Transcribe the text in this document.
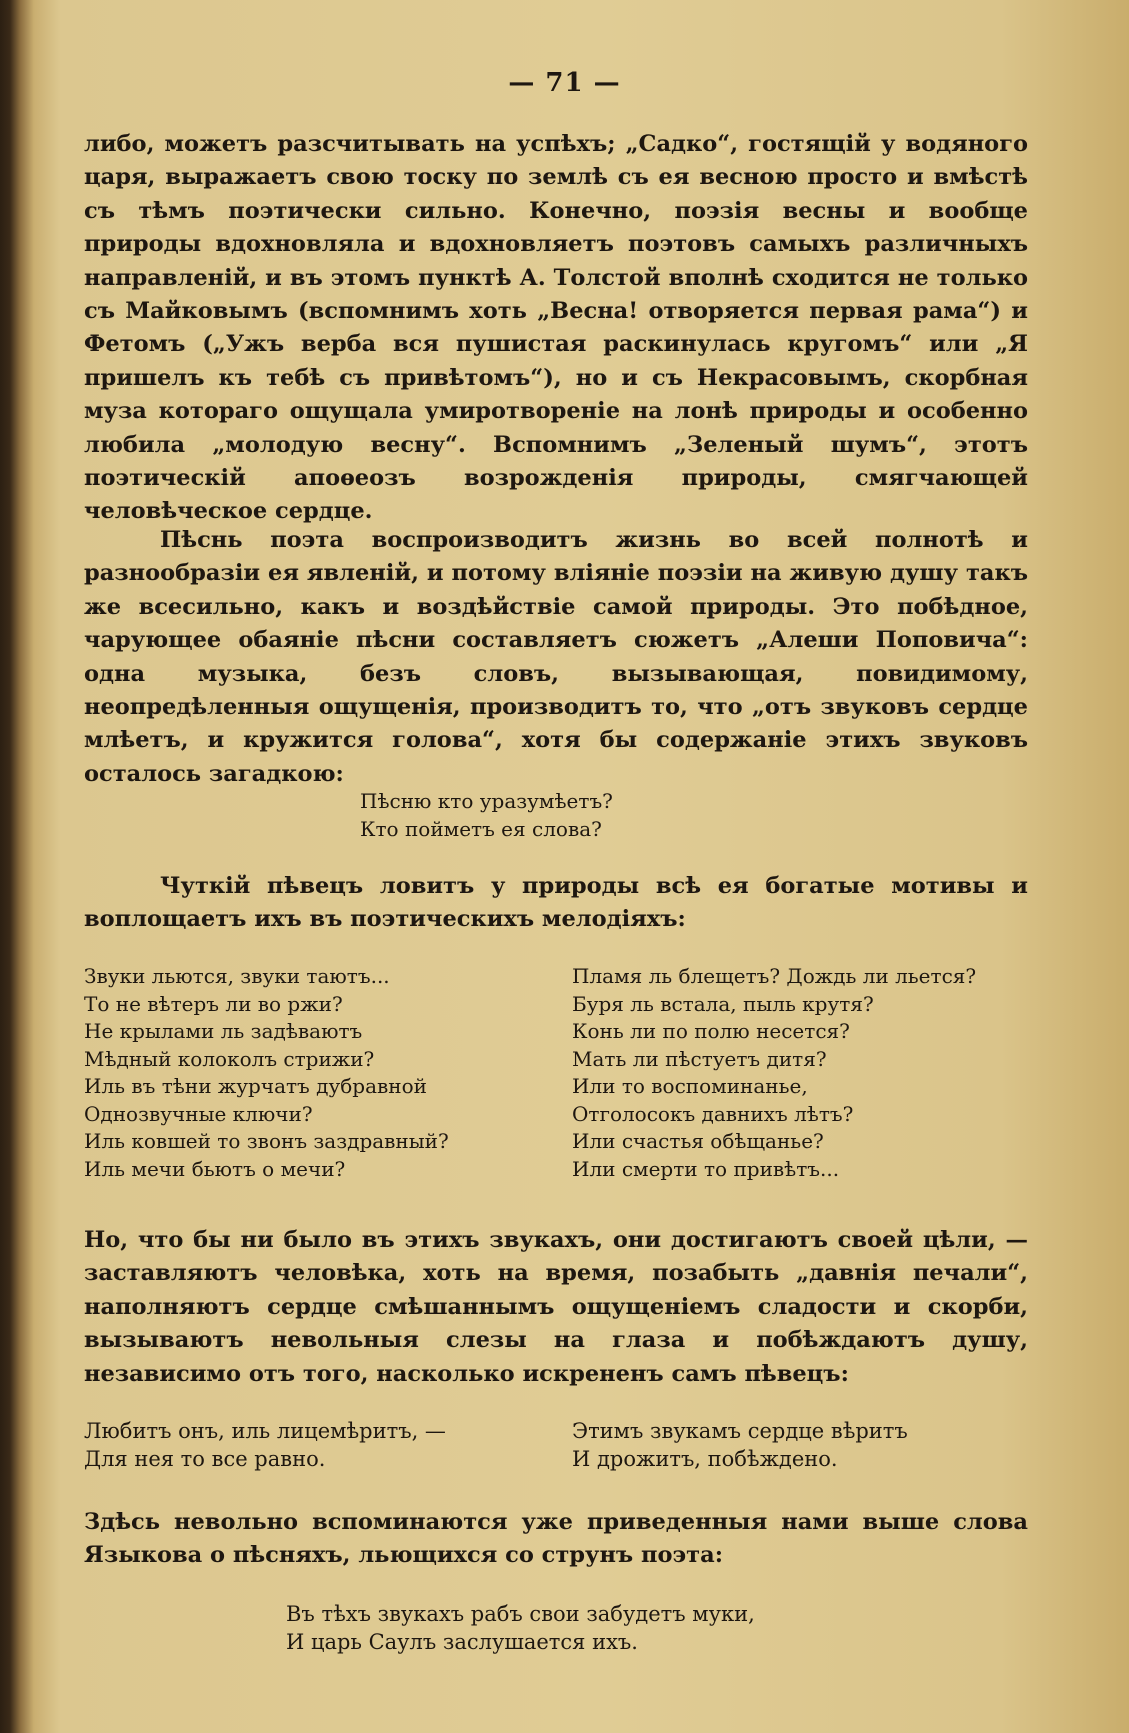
— 71 —

либо, можетъ разсчитывать на успѣхъ; „Садко“, гостящій у водяного царя, выражаетъ свою тоску по землѣ съ ея весною просто и вмѣстѣ съ тѣмъ поэтически сильно. Конечно, поэзія весны и вообще природы вдохновляла и вдохновляетъ поэтовъ самыхъ различныхъ направленій, и въ этомъ пунктѣ А. Толстой вполнѣ сходится не только съ Майковымъ (вспомнимъ хоть „Весна! отворяется первая рама“) и Фетомъ („Ужъ верба вся пушистая раскинулась кругомъ“ или „Я пришелъ къ тебѣ съ привѣтомъ“), но и съ Некрасовымъ, скорбная муза котораго ощущала умиротвореніе на лонѣ природы и особенно любила „молодую весну“. Вспомнимъ „Зеленый шумъ“, этотъ поэтическій апоѳеозъ возрожденія природы, смягчающей человѣческое сердце.

Пѣснь поэта воспроизводитъ жизнь во всей полнотѣ и разнообразіи ея явленій, и потому вліяніе поэзіи на живую душу такъ же всесильно, какъ и воздѣйствіе самой природы. Это побѣдное, чарующее обаяніе пѣсни составляетъ сюжетъ „Алеши Поповича“: одна музыка, безъ словъ, вызывающая, повидимому, неопредѣленныя ощущенія, производитъ то, что „отъ звуковъ сердце млѣетъ, и кружится голова“, хотя бы содержаніе этихъ звуковъ осталось загадкою:

Пѣсню кто уразумѣетъ?
Кто пойметъ ея слова?

Чуткій пѣвецъ ловитъ у природы всѣ ея богатые мотивы и воплощаетъ ихъ въ поэтическихъ мелодіяхъ:

Звуки льются, звуки таютъ...
То не вѣтеръ ли во ржи?
Не крылами ль задѣваютъ
Мѣдный колоколъ стрижи?
Иль въ тѣни журчатъ дубравной
Однозвучные ключи?
Иль ковшей то звонъ заздравный?
Иль мечи бьютъ о мечи?
Пламя ль блещетъ? Дождь ли льется?
Буря ль встала, пыль крутя?
Конь ли по полю несется?
Мать ли пѣстуетъ дитя?
Или то воспоминанье,
Отголосокъ давнихъ лѣтъ?
Или счастья обѣщанье?
Или смерти то привѣтъ...

Но, что бы ни было въ этихъ звукахъ, они достигаютъ своей цѣли, — заставляютъ человѣка, хоть на время, позабыть „давнія печали“, наполняютъ сердце смѣшаннымъ ощущеніемъ сладости и скорби, вызываютъ невольныя слезы на глаза и побѣждаютъ душу, независимо отъ того, насколько искрененъ самъ пѣвецъ:

Любитъ онъ, иль лицемѣритъ, —
Для нея то все равно.
Этимъ звукамъ сердце вѣритъ
И дрожитъ, побѣждено.

Здѣсь невольно вспоминаются уже приведенныя нами выше слова Языкова о пѣсняхъ, льющихся со струнъ поэта:

Въ тѣхъ звукахъ рабъ свои забудетъ муки,
И царь Саулъ заслушается ихъ.
